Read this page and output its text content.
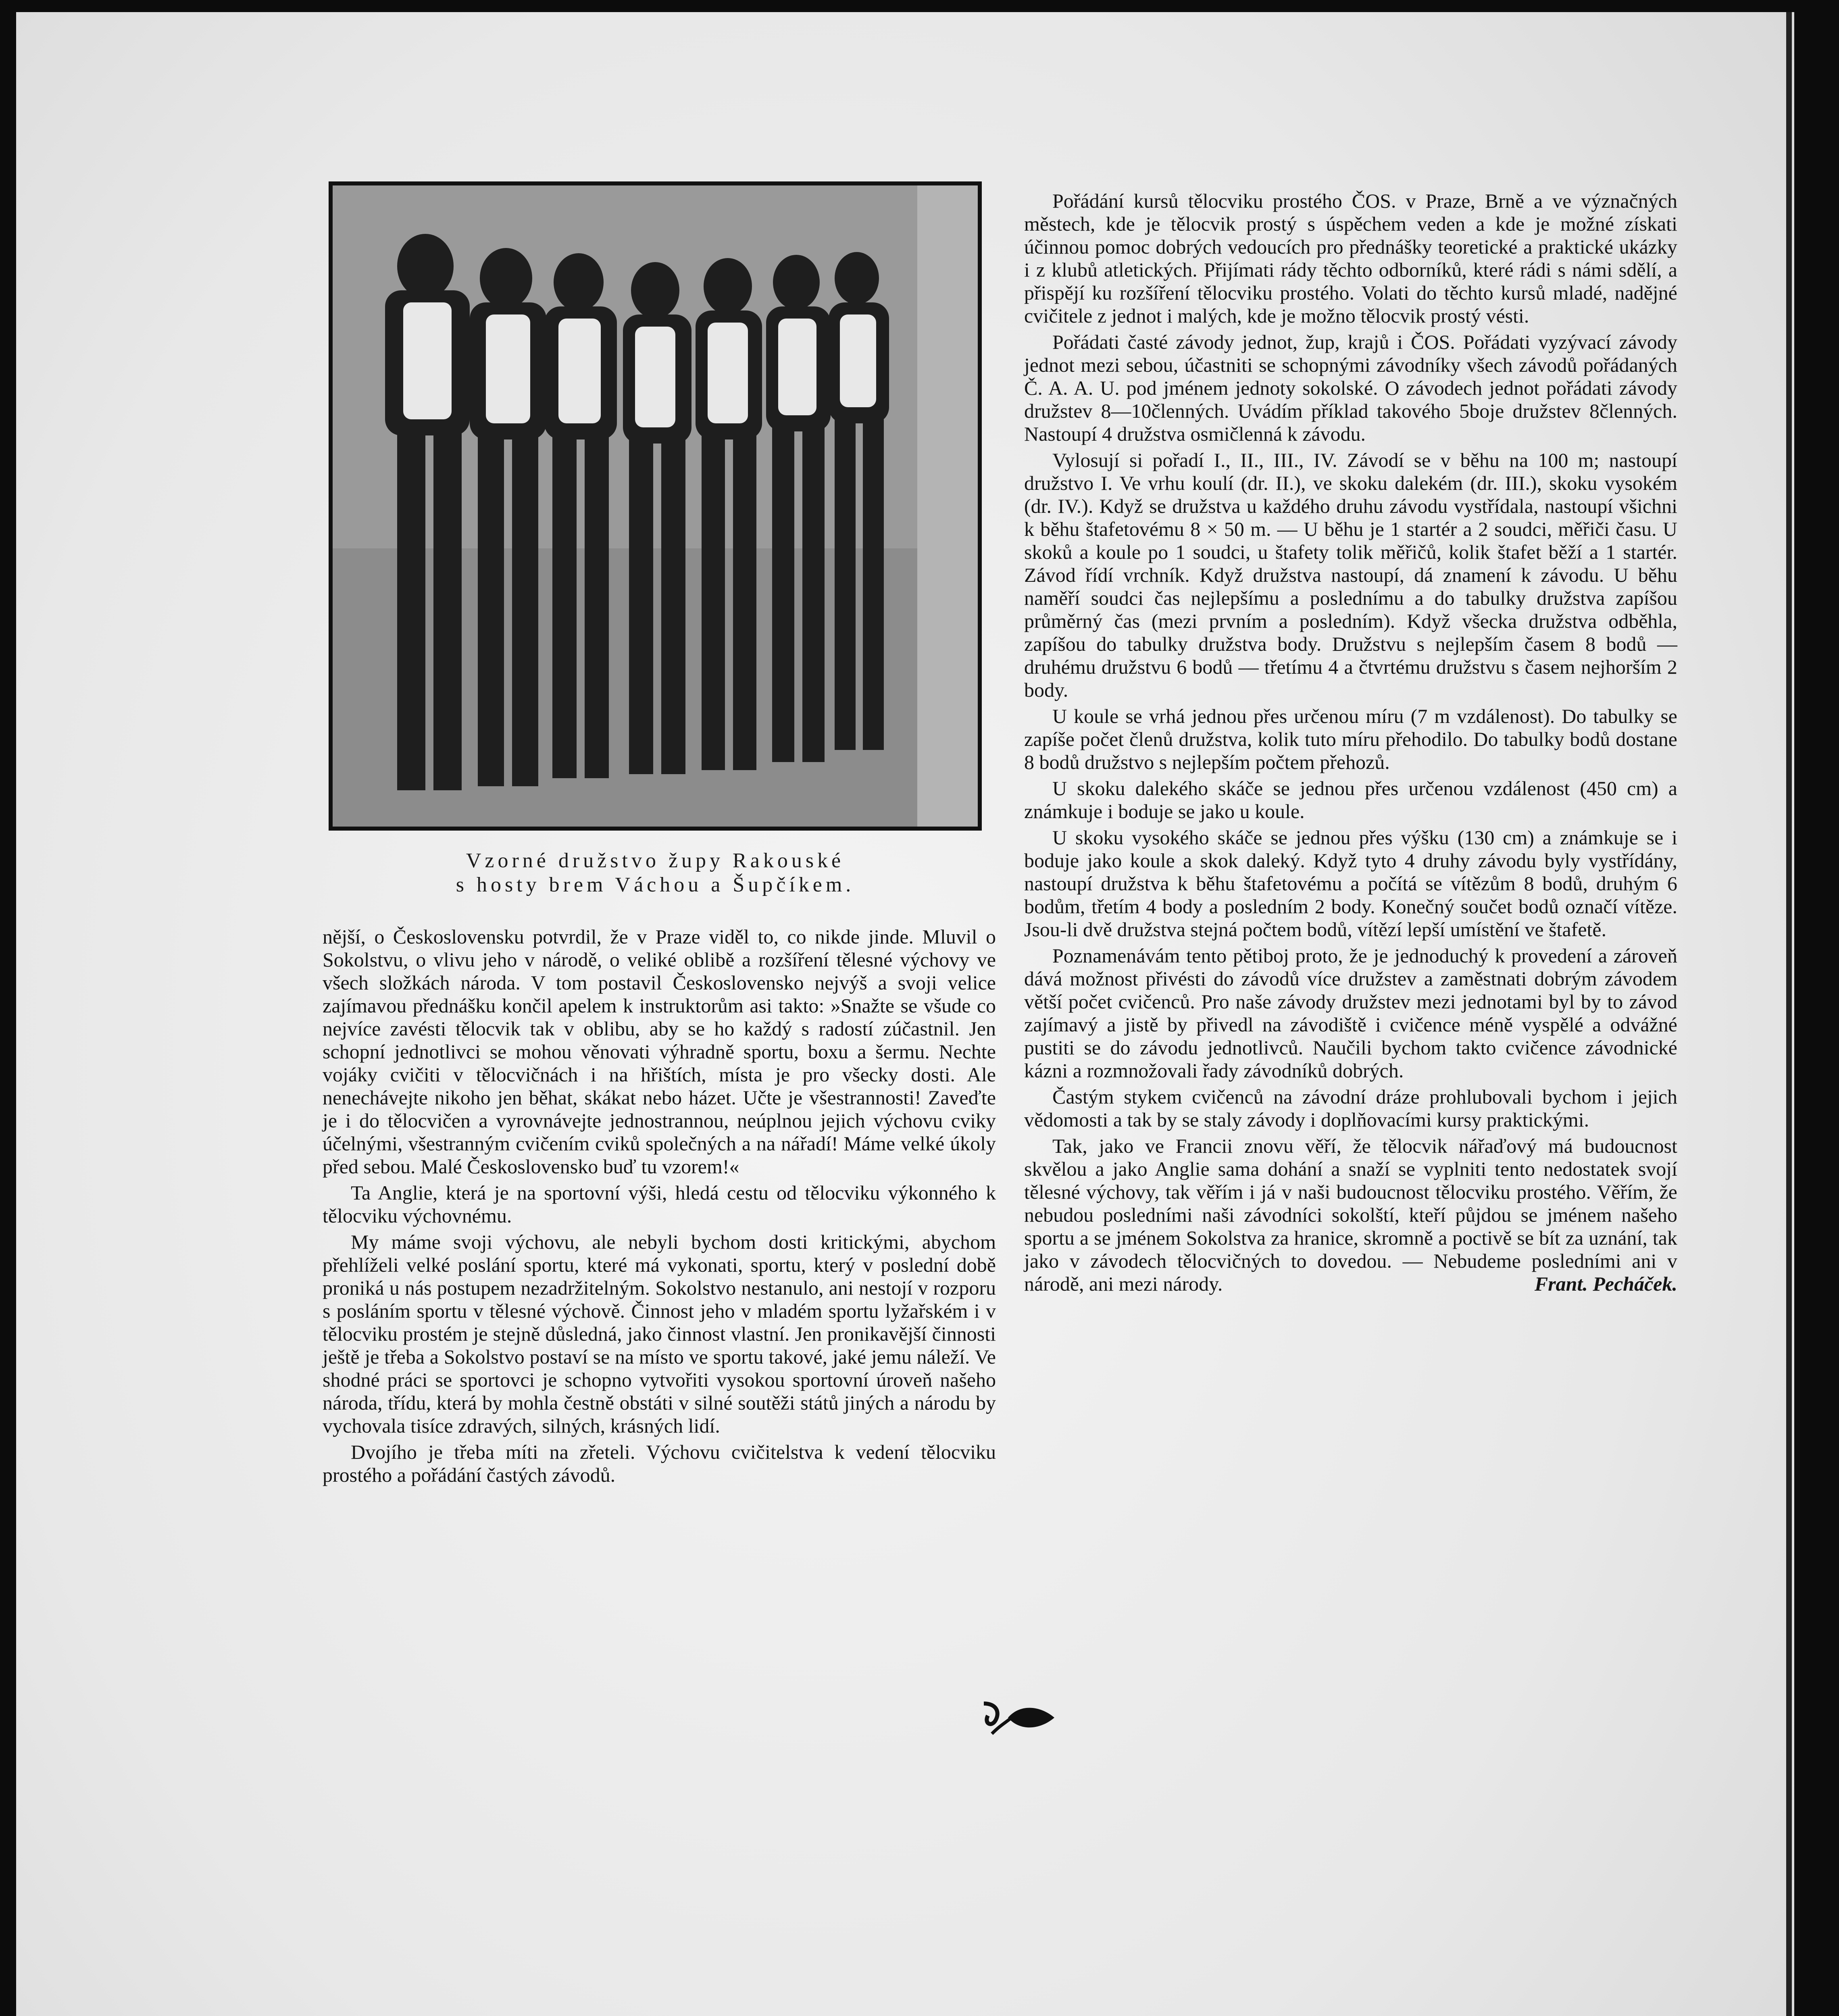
Vzorné družstvo župy Rakouské
s hosty brem Váchou a Šupčíkem.

nější, o Československu potvrdil, že v Praze viděl to, co nikde jinde. Mluvil o Sokolstvu, o vlivu jeho v národě, o veliké oblibě a rozšíření tělesné výchovy ve všech složkách národa. V tom postavil Československo nejvýš a svoji velice zajímavou přednášku končil apelem k instruktorům asi takto: »Snažte se všude co nejvíce zavésti tělocvik tak v oblibu, aby se ho každý s radostí zúčastnil. Jen schopní jednotlivci se mohou věnovati výhradně sportu, boxu a šermu. Nechte vojáky cvičiti v tělocvičnách i na hřištích, místa je pro všecky dosti. Ale nenechávejte nikoho jen běhat, skákat nebo házet. Učte je všestrannosti! Zaveďte je i do tělocvičen a vyrovnávejte jednostrannou, neúplnou jejich výchovu cviky účelnými, všestranným cvičením cviků společných a na nářadí! Máme velké úkoly před sebou. Malé Československo buď tu vzorem!«

Ta Anglie, která je na sportovní výši, hledá cestu od tělocviku výkonného k tělocviku výchovnému.

My máme svoji výchovu, ale nebyli bychom dosti kritickými, abychom přehlíželi velké poslání sportu, které má vykonati, sportu, který v poslední době proniká u nás postupem nezadržitelným. Sokolstvo nestanulo, ani nestojí v rozporu s posláním sportu v tělesné výchově. Činnost jeho v mladém sportu lyžařském i v tělocviku prostém je stejně důsledná, jako činnost vlastní. Jen pronikavější činnosti ještě je třeba a Sokolstvo postaví se na místo ve sportu takové, jaké jemu náleží. Ve shodné práci se sportovci je schopno vytvořiti vysokou sportovní úroveň našeho národa, třídu, která by mohla čestně obstáti v silné soutěži států jiných a národu by vychovala tisíce zdravých, silných, krásných lidí.

Dvojího je třeba míti na zřeteli. Výchovu cvičitelstva k vedení tělocviku prostého a pořádání častých závodů.

Pořádání kursů tělocviku prostého ČOS. v Praze, Brně a ve význačných městech, kde je tělocvik prostý s úspěchem veden a kde je možné získati účinnou pomoc dobrých vedoucích pro přednášky teoretické a praktické ukázky i z klubů atletických. Přijímati rády těchto odborníků, které rádi s námi sdělí, a přispějí ku rozšíření tělocviku prostého. Volati do těchto kursů mladé, nadějné cvičitele z jednot i malých, kde je možno tělocvik prostý vésti.

Pořádati časté závody jednot, žup, krajů i ČOS. Pořádati vyzývací závody jednot mezi sebou, účastniti se schopnými závodníky všech závodů pořádaných Č. A. A. U. pod jménem jednoty sokolské. O závodech jednot pořádati závody družstev 8—10členných. Uvádím příklad takového 5boje družstev 8členných. Nastoupí 4 družstva osmičlenná k závodu.

Vylosují si pořadí I., II., III., IV. Závodí se v běhu na 100 m; nastoupí družstvo I. Ve vrhu koulí (dr. II.), ve skoku dalekém (dr. III.), skoku vysokém (dr. IV.). Když se družstva u každého druhu závodu vystřídala, nastoupí všichni k běhu štafetovému 8 × 50 m. — U běhu je 1 startér a 2 soudci, měřiči času. U skoků a koule po 1 soudci, u štafety tolik měřičů, kolik štafet běží a 1 startér. Závod řídí vrchník. Když družstva nastoupí, dá znamení k závodu. U běhu naměří soudci čas nejlepšímu a poslednímu a do tabulky družstva zapíšou průměrný čas (mezi prvním a posledním). Když všecka družstva odběhla, zapíšou do tabulky družstva body. Družstvu s nejlepším časem 8 bodů — druhému družstvu 6 bodů — třetímu 4 a čtvrtému družstvu s časem nejhorším 2 body.

U koule se vrhá jednou přes určenou míru (7 m vzdálenost). Do tabulky se zapíše počet členů družstva, kolik tuto míru přehodilo. Do tabulky bodů dostane 8 bodů družstvo s nejlepším počtem přehozů.

U skoku dalekého skáče se jednou přes určenou vzdálenost (450 cm) a známkuje i boduje se jako u koule.

U skoku vysokého skáče se jednou přes výšku (130 cm) a známkuje se i boduje jako koule a skok daleký. Když tyto 4 druhy závodu byly vystřídány, nastoupí družstva k běhu štafetovému a počítá se vítězům 8 bodů, druhým 6 bodům, třetím 4 body a posledním 2 body. Konečný součet bodů označí vítěze. Jsou-li dvě družstva stejná počtem bodů, vítězí lepší umístění ve štafetě.

Poznamenávám tento pětiboj proto, že je jednoduchý k provedení a zároveň dává možnost přivésti do závodů více družstev a zaměstnati dobrým závodem větší počet cvičenců. Pro naše závody družstev mezi jednotami byl by to závod zajímavý a jistě by přivedl na závodiště i cvičence méně vyspělé a odvážné pustiti se do závodu jednotlivců. Naučili bychom takto cvičence závodnické kázni a rozmnožovali řady závodníků dobrých.

Častým stykem cvičenců na závodní dráze prohlubovali bychom i jejich vědomosti a tak by se staly závody i doplňovacími kursy praktickými.

Tak, jako ve Francii znovu věří, že tělocvik nářaďový má budoucnost skvělou a jako Anglie sama dohání a snaží se vyplniti tento nedostatek svojí tělesné výchovy, tak věřím i já v naši budoucnost tělocviku prostého. Věřím, že nebudou posledními naši závodníci sokolští, kteří půjdou se jménem našeho sportu a se jménem Sokolstva za hranice, skromně a poctivě se bít za uznání, tak jako v závodech tělocvičných to dovedou. — Nebudeme posledními ani v národě, ani mezi národy.	Frant. Pecháček.
